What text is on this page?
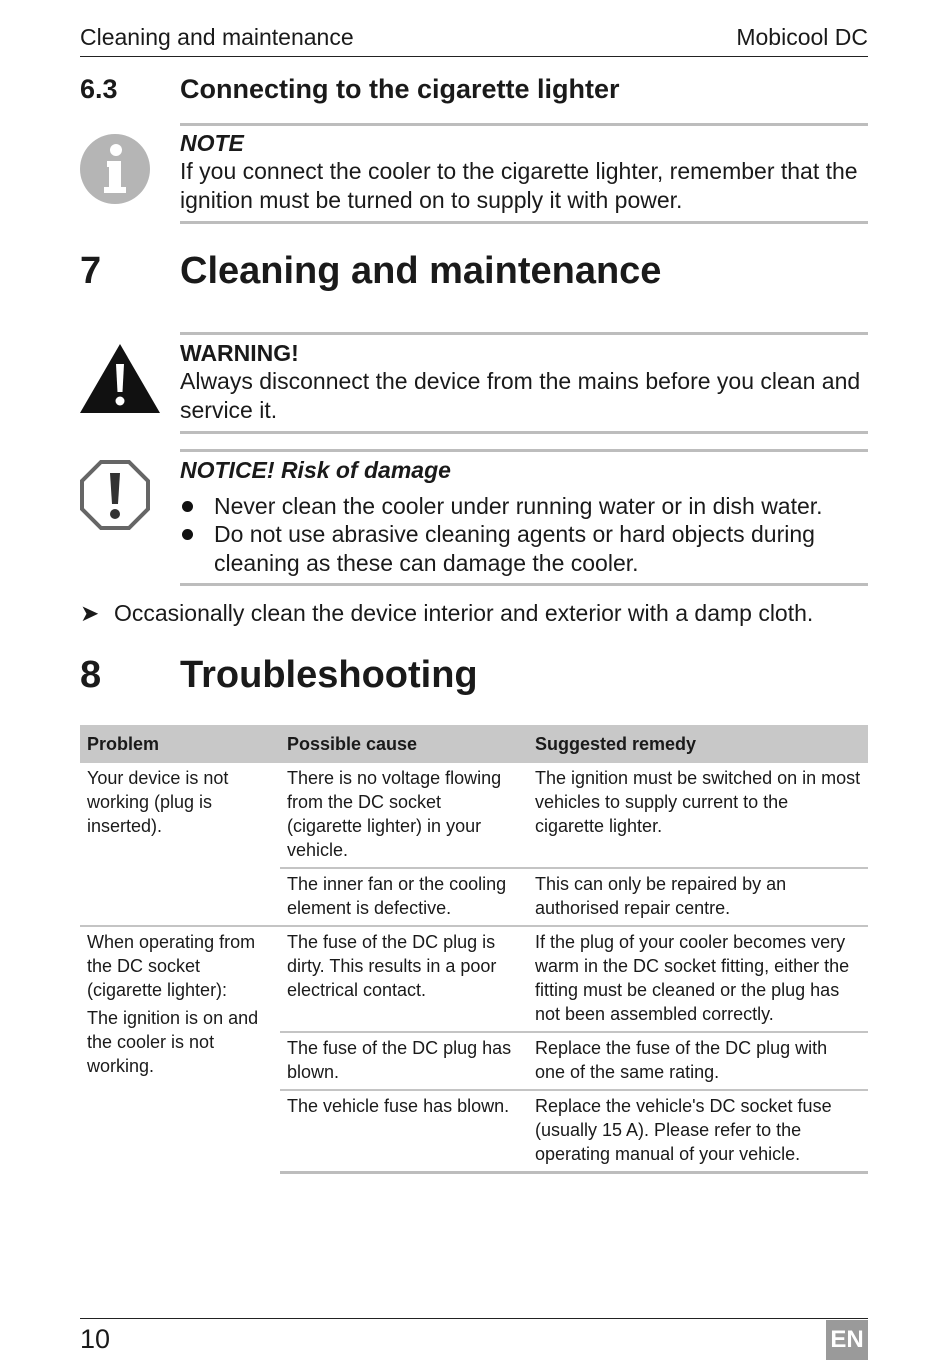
Cleaning and maintenance	Mobicool DC
6.3 Connecting to the cigarette lighter
NOTE
If you connect the cooler to the cigarette lighter, remember that the ignition must be turned on to supply it with power.
7 Cleaning and maintenance
WARNING!
Always disconnect the device from the mains before you clean and service it.
NOTICE! Risk of damage
Never clean the cooler under running water or in dish water.
Do not use abrasive cleaning agents or hard objects during cleaning as these can damage the cooler.
➤ Occasionally clean the device interior and exterior with a damp cloth.
8 Troubleshooting
Problem	Possible cause	Suggested remedy

Your device is not working (plug is inserted).	There is no voltage flowing from the DC socket (cigarette lighter) in your vehicle.	The ignition must be switched on in most vehicles to supply current to the cigarette lighter.
	The inner fan or the cooling element is defective.	This can only be repaired by an authorised repair centre.

When operating from the DC socket (cigarette lighter):
The ignition is on and the cooler is not working.	The fuse of the DC plug is dirty. This results in a poor electrical contact.	If the plug of your cooler becomes very warm in the DC socket fitting, either the fitting must be cleaned or the plug has not been assembled correctly.
	The fuse of the DC plug has blown.	Replace the fuse of the DC plug with one of the same rating.
	The vehicle fuse has blown.	Replace the vehicle's DC socket fuse (usually 15 A). Please refer to the operating manual of your vehicle.
10	EN
